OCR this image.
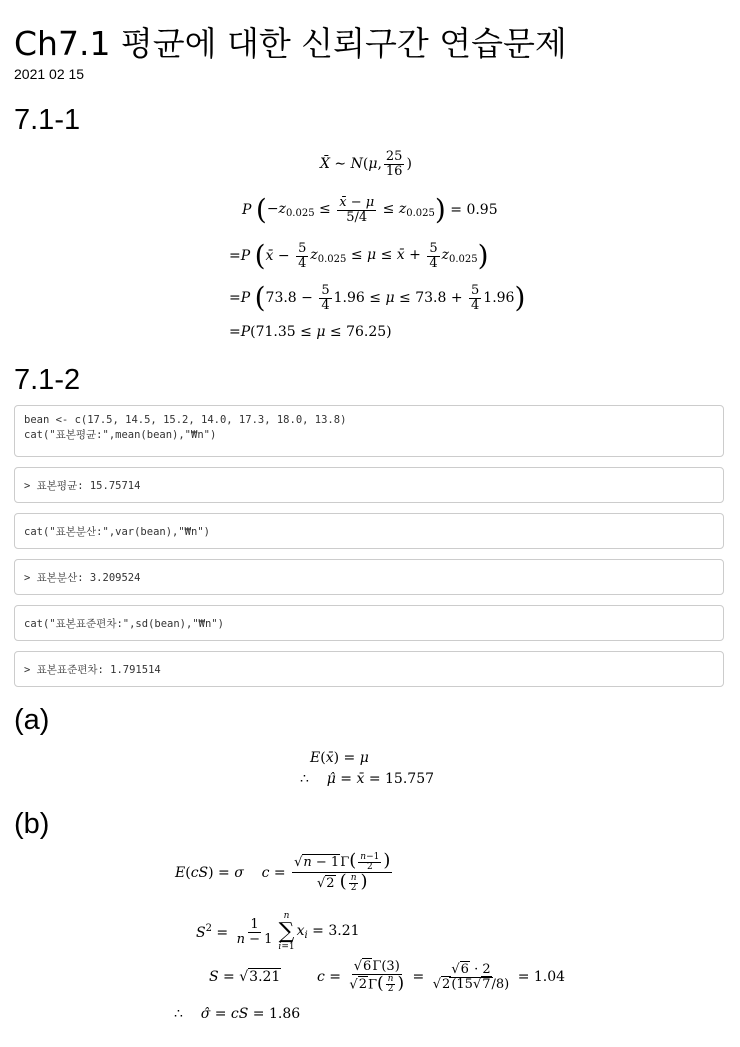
Ch7.1 평균에 대한 신뢰구간 연습문제
2021 02 15
7.1-1
X̄ ∼ N(μ, $\frac{25}{16}$ )
P ( $-z_{0.025} \le \frac{x̄ - \mu}{5/4} \le z_{0.025}$ ) = 0.95
=P ( x̄ − $\frac{5}{4} z_{0.025} \le \mu$ ≤ x̄ + $\frac{5}{4} z_{0.025}$ )
=P ( $73.8 - \frac{5}{4} 1.96 \le \mu \le 73.8 + \frac{5}{4} 1.96$ )
=P(71.35 ≤ μ ≤ 76.25)
7.1-2
bean <- c(17.5, 14.5, 15.2, 14.0, 17.3, 18.0, 13.8)
cat("표본평균:",mean(bean),"₩n")
> 표본평균: 15.75714
cat("표본분산:",var(bean),"₩n")
> 표본분산: 3.209524
cat("표본표준편차:",sd(bean),"₩n")
> 표본표준편차: 1.791514
(a)
E(x̄) = μ
∴    μ̂ = x̄ = 15.757
(b)
E(cS) = σ $c = \frac{√n - 1\Gamma( \frac{n-1}{2} )}{√2 ( \frac{n}{2} )}$
$S^2 = \frac{1}{n - 1}$
n
∑
i=1
$x_i = 3.21$
S = √3.21	$c = \frac{√6\Gamma(3)}{√2\Gamma( \frac{n}{2} )} = \frac{√6 \cdot 2}{√2(15√7/8)} = 1.04$
∴    σ̂ = cS = 1.86
